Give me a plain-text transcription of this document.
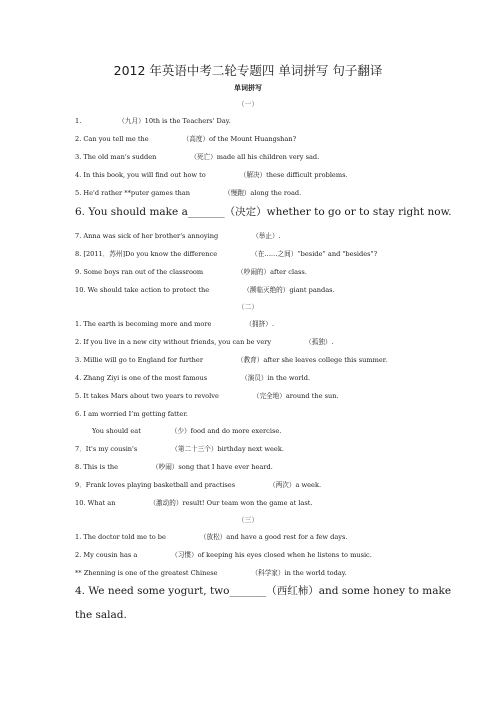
2012 年英语中考二轮专题四 单词拼写 句子翻译
单词拼写
（一）
1.	（九月）10th is the Teachers' Day.
2. Can you tell me the	（高度）of the Mount Huangshan?
3. The old man's sudden	（死亡）made all his children very sad.
4. In this book, you will find out how to	（解决）these difficult problems.
5. He'd rather **puter games than	（慢跑）along the road.
6. You should make a_______（决定）whether to go or to stay right now.
7. Anna was sick of her brother's annoying	（举止）.
8. [2011．苏州]Do you know the difference	（在……之间）“beside” and "besides"?
9. Some boys ran out of the classroom	（吵闹的）after class.
10. We should take action to protect the	（濒临灭绝的）giant pandas.
（二）
1. The earth is becoming more and more	（拥挤）.
2. If you live in a new city without friends, you can be very	（孤独）.
3. Millie will go to England for further	（教育）after she leaves college this summer.
4. Zhang Ziyi is one of the most famous	（演员）in the world.
5. It takes Mars about two years to revolve	（完全地）around the sun.
6. I am worried I’m getting fatter.
You should eat	（少）food and do more exercise.
7．It's my cousin's	（第二十三个）birthday next week.
8. This is the	（吵闹）song that I have ever heard.
9．Frank loves playing basketball and practises	（两次）a week.
10. What an	（激动的）result! Our team won the game at last.
（三）
1. The doctor told me to be	（放松）and have a good rest for a few days.
2. My cousin has a	（习惯）of keeping his eyes closed when he listens to music.
** Zhenning is one of the greatest Chinese	（科学家）in the world today.
4. We need some yogurt, two_______（西红柿）and some honey to make
the salad.
